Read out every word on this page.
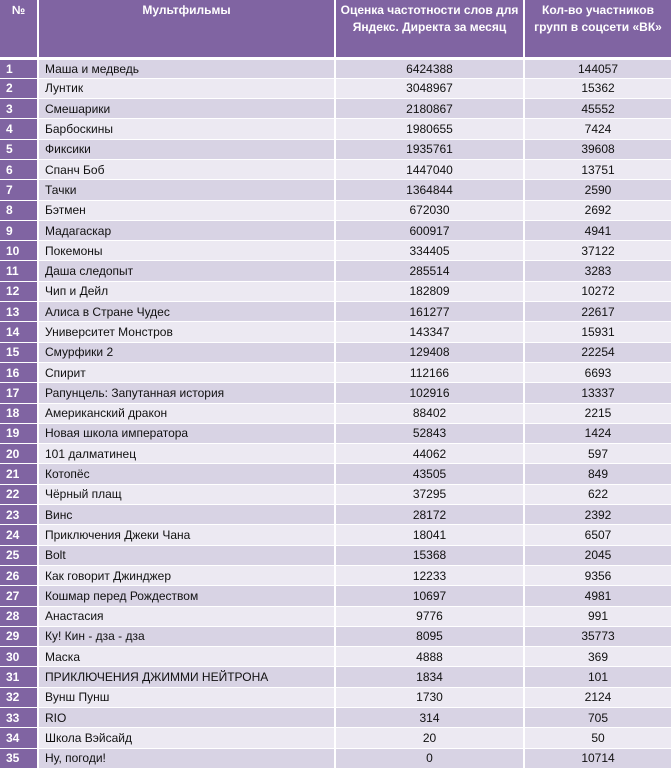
№	Мультфильмы	Оценка частотности слов для Яндекс. Директа за месяц	Кол-во участников групп в соцсети «ВК»
1	Маша и медведь	6424388	144057
2	Лунтик	3048967	15362
3	Смешарики	2180867	45552
4	Барбоскины	1980655	7424
5	Фиксики	1935761	39608
6	Спанч Боб	1447040	13751
7	Тачки	1364844	2590
8	Бэтмен	672030	2692
9	Мадагаскар	600917	4941
10	Покемоны	334405	37122
11	Даша следопыт	285514	3283
12	Чип и Дейл	182809	10272
13	Алиса в Стране Чудес	161277	22617
14	Университет Монстров	143347	15931
15	Смурфики 2	129408	22254
16	Спирит	112166	6693
17	Рапунцель: Запутанная история	102916	13337
18	Американский дракон	88402	2215
19	Новая школа императора	52843	1424
20	101 далматинец	44062	597
21	Котопёс	43505	849
22	Чёрный плащ	37295	622
23	Винс	28172	2392
24	Приключения Джеки Чана	18041	6507
25	Bolt	15368	2045
26	Как говорит Джинджер	12233	9356
27	Кошмар перед Рождеством	10697	4981
28	Анастасия	9776	991
29	Ку! Кин - дза - дза	8095	35773
30	Маска	4888	369
31	ПРИКЛЮЧЕНИЯ ДЖИММИ НЕЙТРОНА	1834	101
32	Вунш Пунш	1730	2124
33	RIO	314	705
34	Школа Вэйсайд	20	50
35	Ну, погоди!	0	10714
